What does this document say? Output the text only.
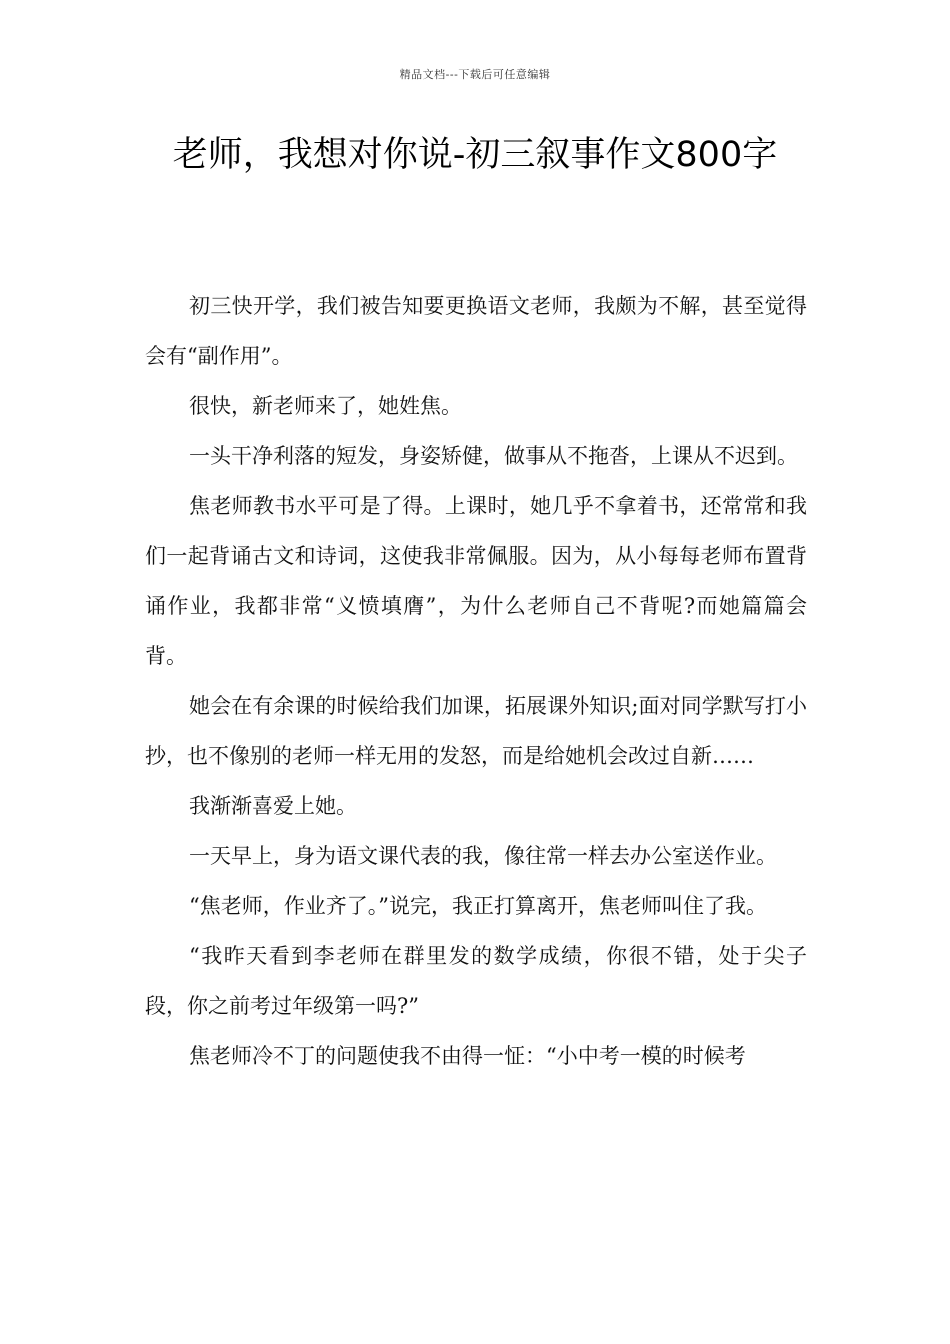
精品文档---下载后可任意编辑
老师，我想对你说-初三叙事作文800字

初三快开学，我们被告知要更换语文老师，我颇为不解，甚至觉得会有“副作用”。

很快，新老师来了，她姓焦。

一头干净利落的短发，身姿矫健，做事从不拖沓，上课从不迟到。

焦老师教书水平可是了得。上课时，她几乎不拿着书，还常常和我们一起背诵古文和诗词，这使我非常佩服。因为，从小每每老师布置背诵作业，我都非常“义愤填膺”，为什么老师自己不背呢?而她篇篇会背。

她会在有余课的时候给我们加课，拓展课外知识;面对同学默写打小抄，也不像别的老师一样无用的发怒，而是给她机会改过自新……

我渐渐喜爱上她。

一天早上，身为语文课代表的我，像往常一样去办公室送作业。

“焦老师，作业齐了。”说完，我正打算离开，焦老师叫住了我。

“我昨天看到李老师在群里发的数学成绩，你很不错，处于尖子段，你之前考过年级第一吗?”

焦老师冷不丁的问题使我不由得一怔：“小中考一模的时候考
